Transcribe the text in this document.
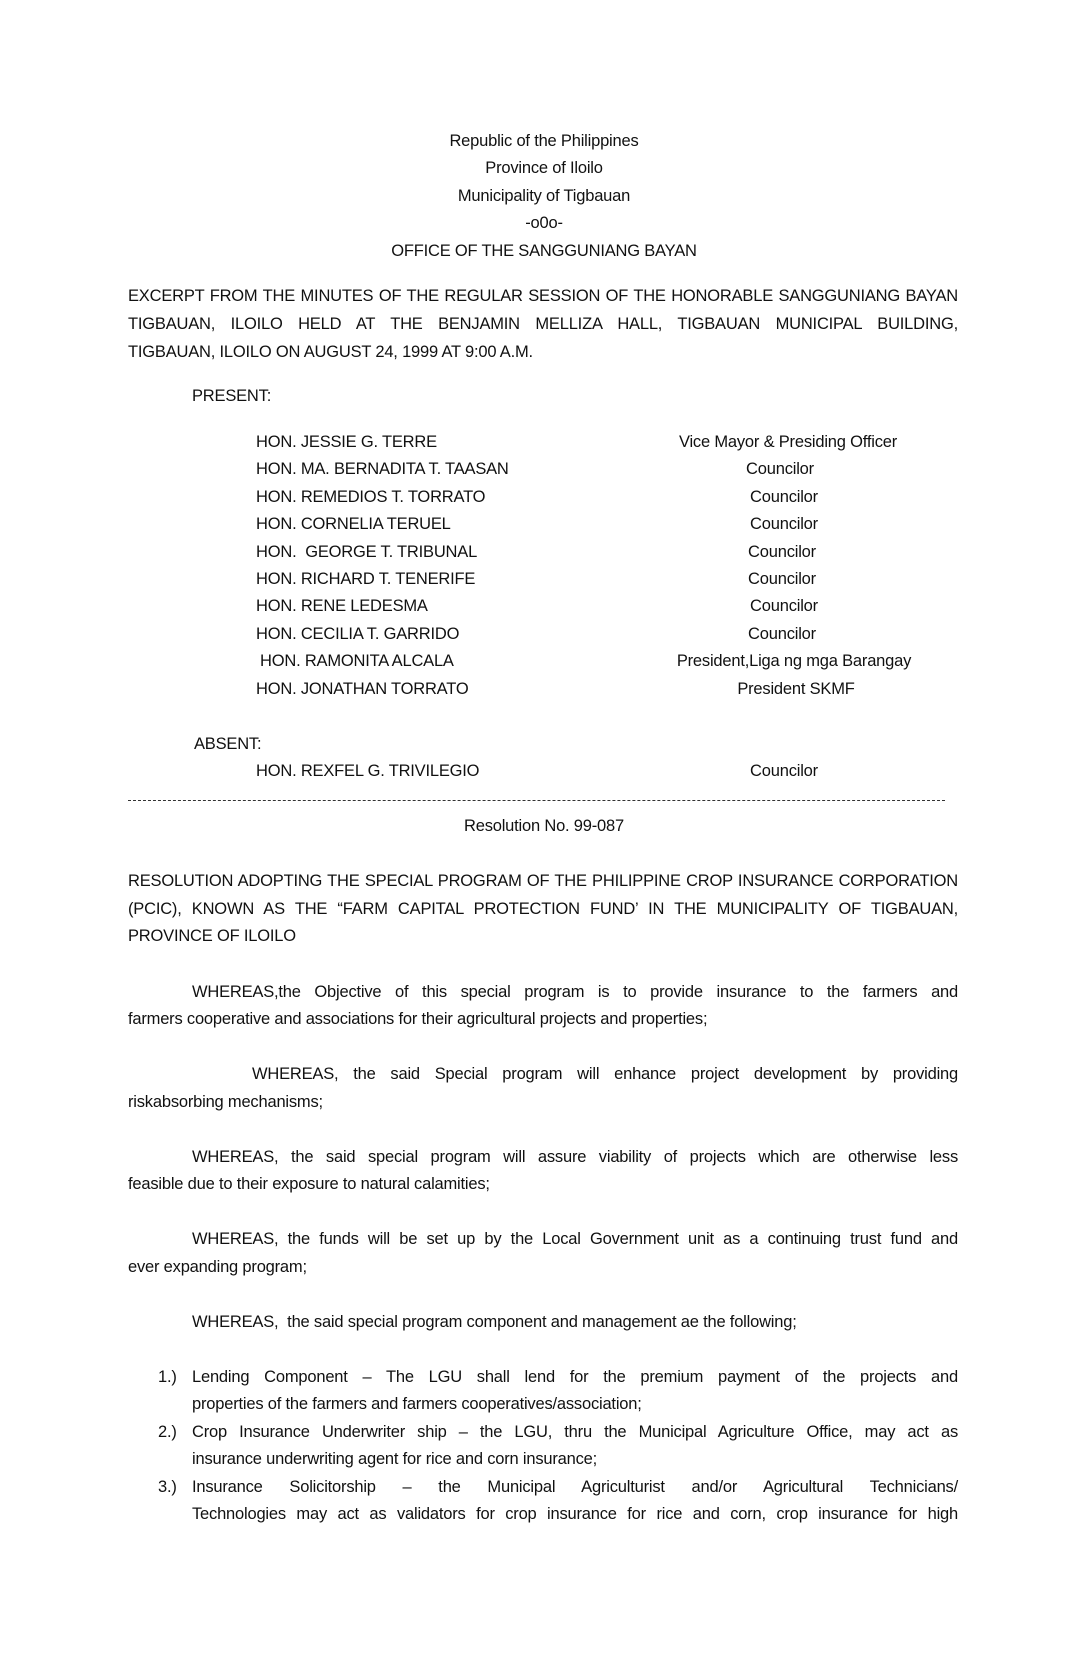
Republic of the Philippines
Province of Iloilo
Municipality of Tigbauan
-o0o-
OFFICE OF THE SANGGUNIANG BAYAN
EXCERPT FROM THE MINUTES OF THE REGULAR SESSION OF THE HONORABLE SANGGUNIANG BAYAN
TIGBAUAN, ILOILO HELD AT THE BENJAMIN MELLIZA HALL, TIGBAUAN MUNICIPAL BUILDING,
TIGBAUAN, ILOILO ON AUGUST 24, 1999 AT 9:00 A.M.
PRESENT:
HON. JESSIE G. TERRE	Vice Mayor & Presiding Officer
HON. MA. BERNADITA T. TAASAN	Councilor
HON. REMEDIOS T. TORRATO	Councilor
HON. CORNELIA TERUEL	Councilor
HON.  GEORGE T. TRIBUNAL	Councilor
HON. RICHARD T. TENERIFE	Councilor
HON. RENE LEDESMA	Councilor
HON. CECILIA T. GARRIDO	Councilor
HON. RAMONITA ALCALA	President,Liga ng mga Barangay
HON. JONATHAN TORRATO	President SKMF
ABSENT:
HON. REXFEL G. TRIVILEGIO	Councilor
Resolution No. 99-087
RESOLUTION ADOPTING THE SPECIAL PROGRAM OF THE PHILIPPINE CROP INSURANCE CORPORATION
(PCIC), KNOWN AS THE “FARM CAPITAL PROTECTION FUND’ IN THE MUNICIPALITY OF TIGBAUAN,
PROVINCE OF ILOILO
WHEREAS,the Objective of this special program is to provide insurance to the farmers and
farmers cooperative and associations for their agricultural projects and properties;
WHEREAS, the said Special program will enhance project development by providing
riskabsorbing mechanisms;
WHEREAS, the said special program will assure viability of projects which are otherwise less
feasible due to their exposure to natural calamities;
WHEREAS, the funds will be set up by the Local Government unit as a continuing trust fund and
ever expanding program;
WHEREAS,  the said special program component and management ae the following;
1.) Lending Component – The LGU shall lend for the premium payment of the projects and
properties of the farmers and farmers cooperatives/association;
2.) Crop Insurance Underwriter ship – the LGU, thru the Municipal Agriculture Office, may act as
insurance underwriting agent for rice and corn insurance;
3.) Insurance Solicitorship – the Municipal Agriculturist and/or Agricultural Technicians/
Technologies may act as validators for crop insurance for rice and corn, crop insurance for high
